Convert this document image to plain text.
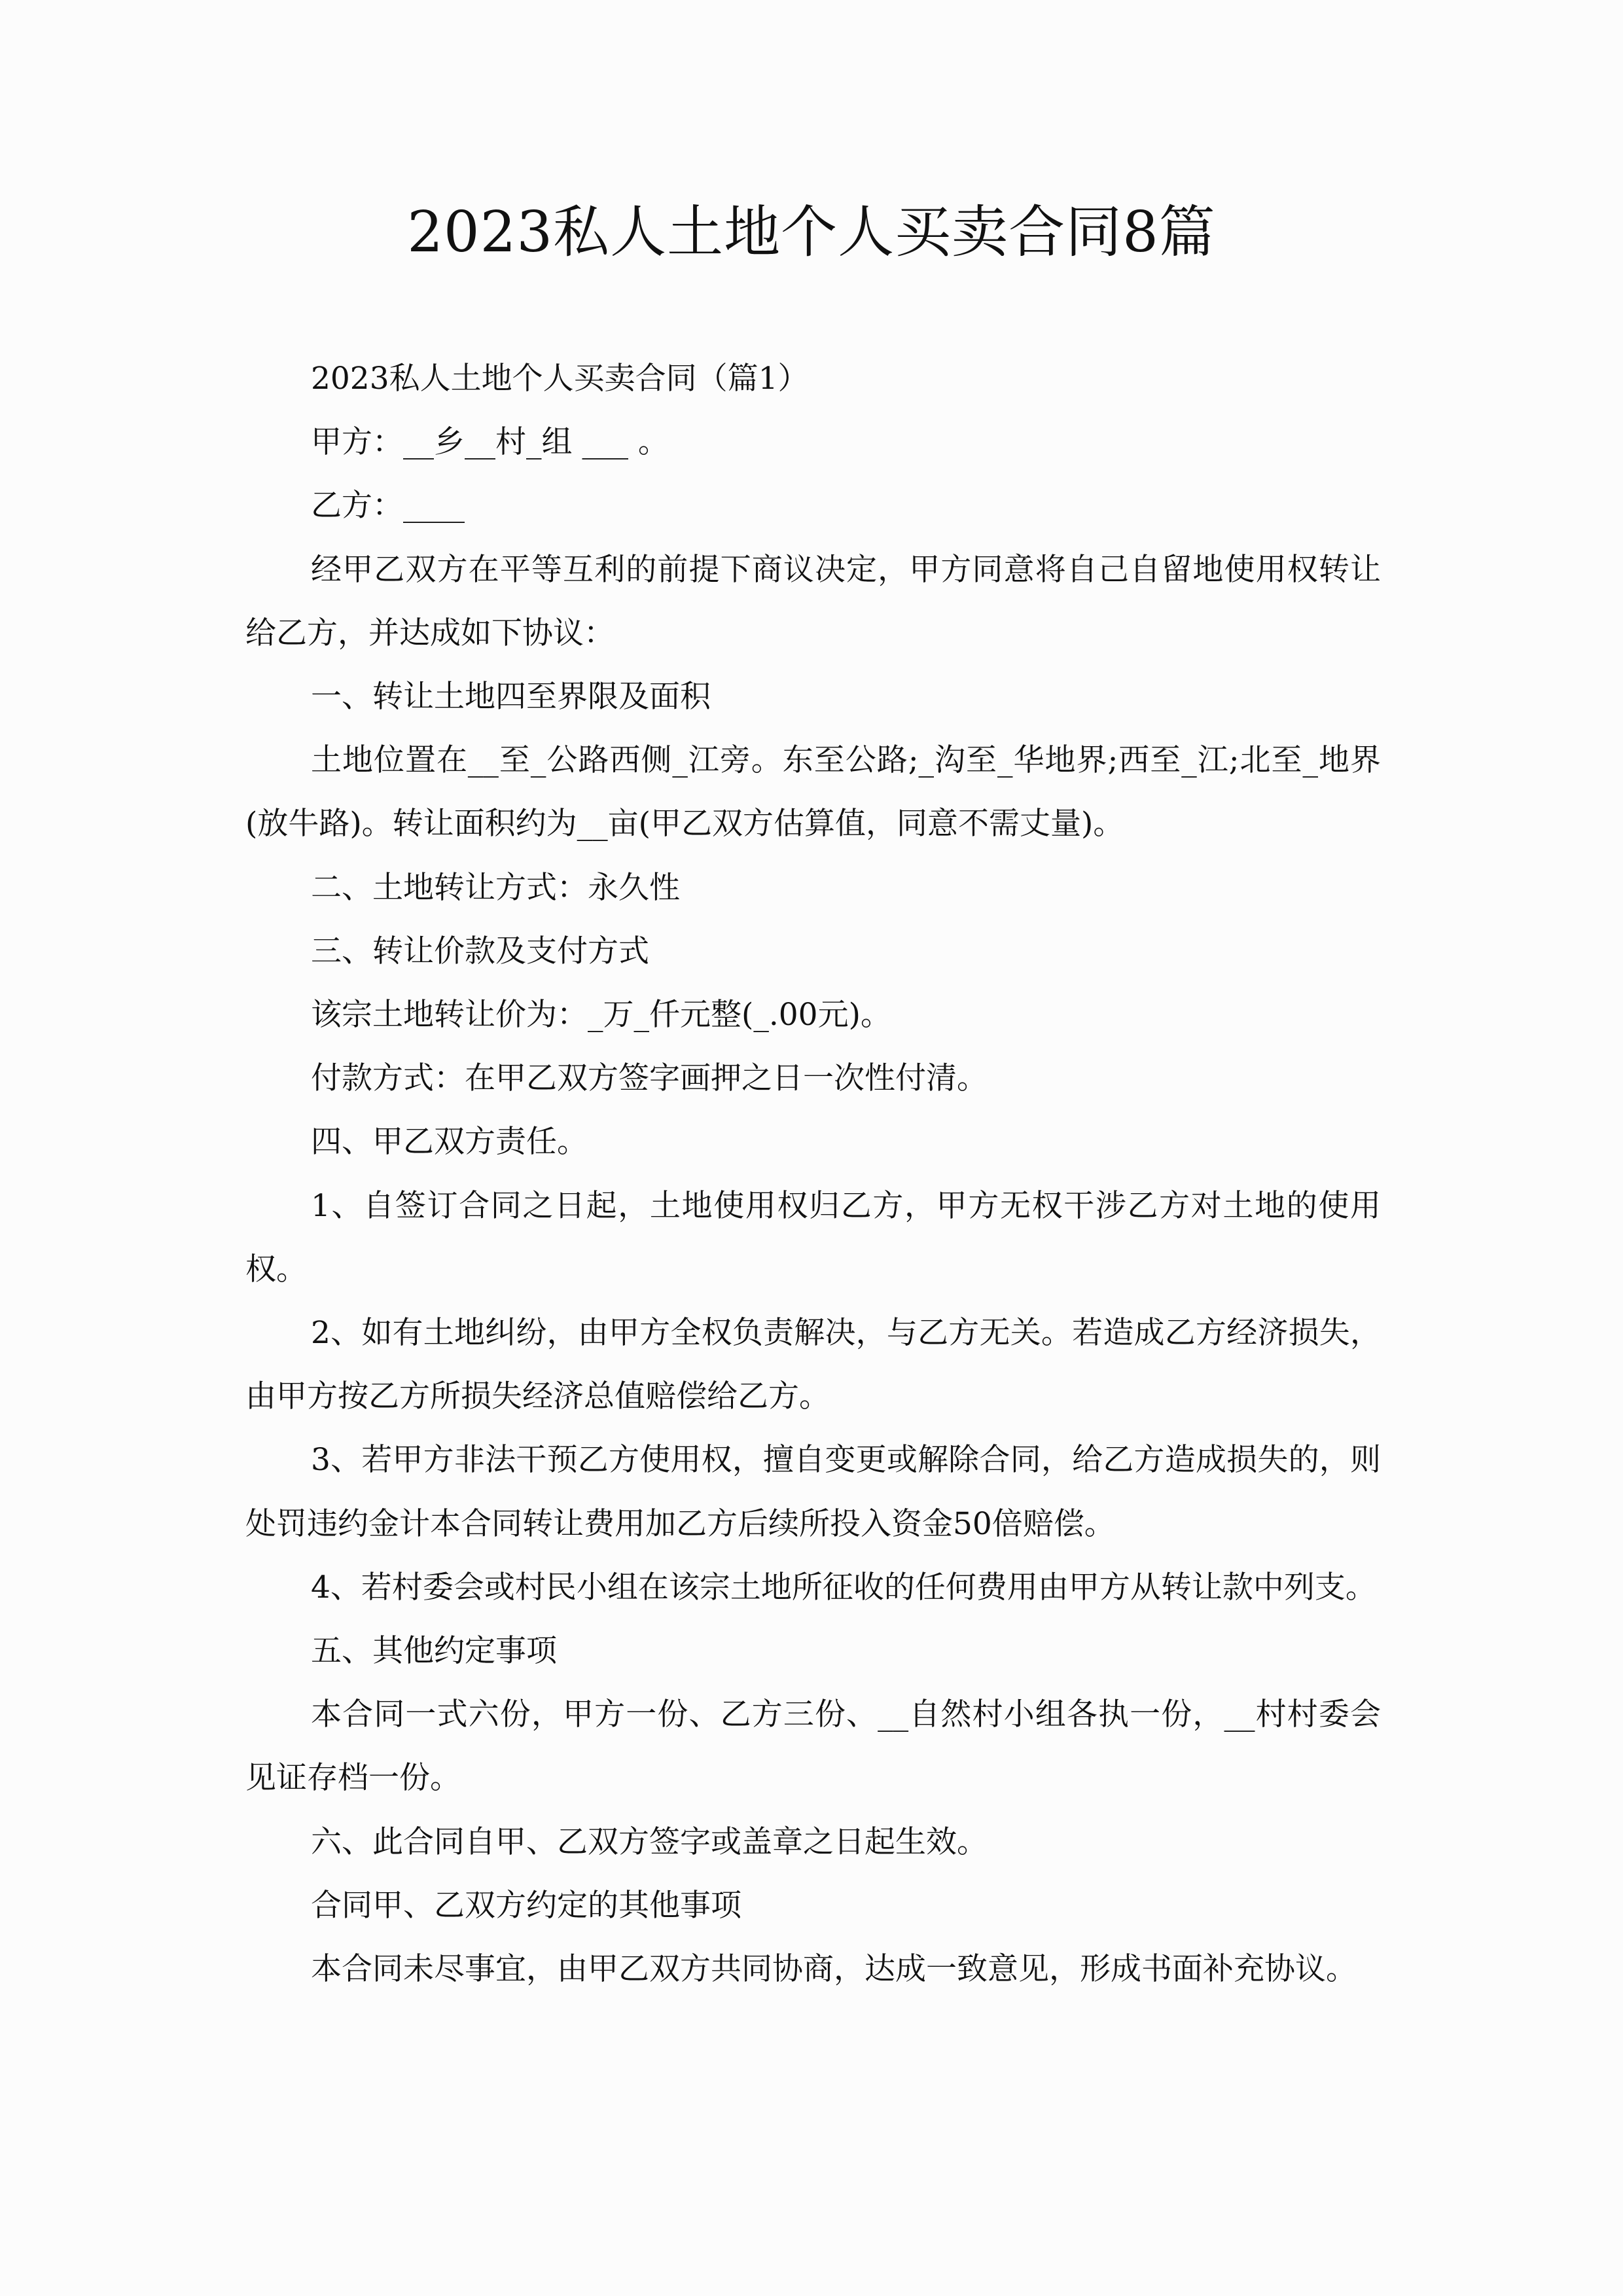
2023私人土地个人买卖合同8篇

2023私人土地个人买卖合同（篇1）

甲方：__乡__村_组 ___ 。

乙方：____

经甲乙双方在平等互利的前提下商议决定，甲方同意将自己自留地使用权转让给乙方，并达成如下协议：

一、转让土地四至界限及面积

土地位置在__至_公路西侧_江旁。东至公路;_沟至_华地界;西至_江;北至_地界(放牛路)。转让面积约为__亩(甲乙双方估算值，同意不需丈量)。

二、土地转让方式：永久性

三、转让价款及支付方式

该宗土地转让价为：_万_仟元整(_.00元)。

付款方式：在甲乙双方签字画押之日一次性付清。

四、甲乙双方责任。

1、自签订合同之日起，土地使用权归乙方，甲方无权干涉乙方对土地的使用权。

2、如有土地纠纷，由甲方全权负责解决，与乙方无关。若造成乙方经济损失，由甲方按乙方所损失经济总值赔偿给乙方。

3、若甲方非法干预乙方使用权，擅自变更或解除合同，给乙方造成损失的，则处罚违约金计本合同转让费用加乙方后续所投入资金50倍赔偿。

4、若村委会或村民小组在该宗土地所征收的任何费用由甲方从转让款中列支。

五、其他约定事项

本合同一式六份，甲方一份、乙方三份、__自然村小组各执一份，__村村委会见证存档一份。

六、此合同自甲、乙双方签字或盖章之日起生效。

合同甲、乙双方约定的其他事项

本合同未尽事宜，由甲乙双方共同协商，达成一致意见，形成书面补充协议。
